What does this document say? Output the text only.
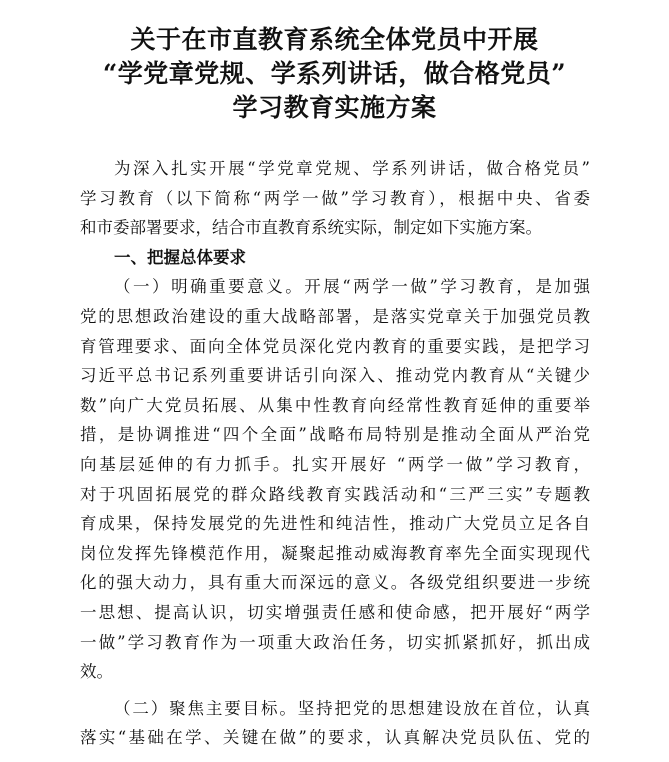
关于在市直教育系统全体党员中开展
“学党章党规、学系列讲话，做合格党员”
学习教育实施方案
为深入扎实开展“学党章党规、学系列讲话，做合格党员”
学习教育（以下简称“两学一做”学习教育），根据中央、省委
和市委部署要求，结合市直教育系统实际，制定如下实施方案。
一、把握总体要求
（一）明确重要意义。开展“两学一做”学习教育，是加强
党的思想政治建设的重大战略部署，是落实党章关于加强党员教
育管理要求、面向全体党员深化党内教育的重要实践，是把学习
习近平总书记系列重要讲话引向深入、推动党内教育从“关键少
数”向广大党员拓展、从集中性教育向经常性教育延伸的重要举
措，是协调推进“四个全面”战略布局特别是推动全面从严治党
向基层延伸的有力抓手。扎实开展好 “两学一做”学习教育，
对于巩固拓展党的群众路线教育实践活动和“三严三实”专题教
育成果，保持发展党的先进性和纯洁性，推动广大党员立足各自
岗位发挥先锋模范作用，凝聚起推动威海教育率先全面实现现代
化的强大动力，具有重大而深远的意义。各级党组织要进一步统
一思想、提高认识，切实增强责任感和使命感，把开展好“两学
一做”学习教育作为一项重大政治任务，切实抓紧抓好，抓出成
效。
（二）聚焦主要目标。坚持把党的思想建设放在首位，认真
落实“基础在学、关键在做”的要求，认真解决党员队伍、党的
